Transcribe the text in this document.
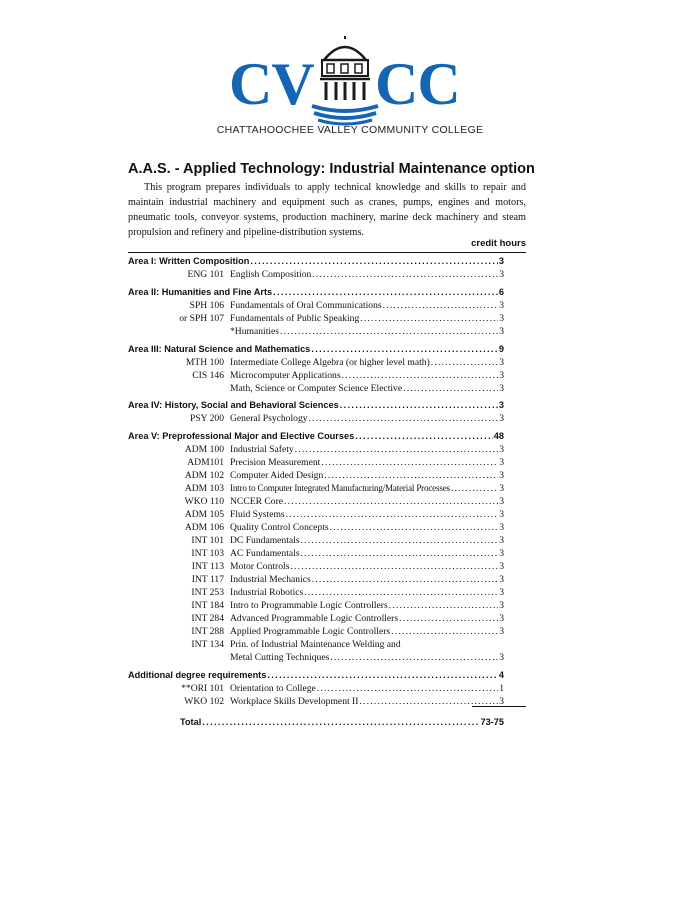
CV CC
CHATTAHOOCHEE VALLEY COMMUNITY COLLEGE
A.A.S. - Applied Technology: Industrial Maintenance option
This program prepares individuals to apply technical knowledge and skills to repair and maintain industrial machinery and equipment such as cranes, pumps, engines and motors, pneumatic tools, conveyor systems, production machinery, marine deck machinery and steam propulsion and refinery and pipeline-distribution systems.
credit hours
Area I: Written Composition . . .	3
ENG 101 English Composition . . .	3
Area II: Humanities and Fine Arts . . .	6
SPH 106 Fundamentals of Oral Communications . . .	3
or SPH 107 Fundamentals of Public Speaking . . .	3
*Humanities . . .	3
Area III: Natural Science and Mathematics . . .	9
MTH 100 Intermediate College Algebra (or higher level math) . . .	3
CIS 146 Microcomputer Applications . . .	3
Math, Science or Computer Science Elective . . .	3
Area IV: History, Social and Behavioral Sciences . . .	3
PSY 200 General Psychology . . .	3
Area V: Preprofessional Major and Elective Courses . . .	48
ADM 100 Industrial Safety . . .	3
ADM101 Precision Measurement . . .	3
ADM 102 Computer Aided Design . . .	3
ADM 103 Intro to Computer Integrated Manufacturing/Material Processes . . .	3
WKO 110 NCCER Core . . .	3
ADM 105 Fluid Systems . . .	3
ADM 106 Quality Control Concepts . . .	3
INT 101 DC Fundamentals . . .	3
INT 103 AC Fundamentals . . .	3
INT 113 Motor Controls . . .	3
INT 117 Industrial Mechanics . . .	3
INT 253 Industrial Robotics . . .	3
INT 184 Intro to Programmable Logic Controllers . . .	3
INT 284 Advanced Programmable Logic Controllers . . .	3
INT 288 Applied Programmable Logic Controllers . . .	3
INT 134 Prin. of Industrial Maintenance Welding and
Metal Cutting Techniques . . .	3
Additional degree requirements . . .	4
**ORI 101 Orientation to College . . .	1
WKO 102 Workplace Skills Development II . . .	3
Total . . .	73-75
